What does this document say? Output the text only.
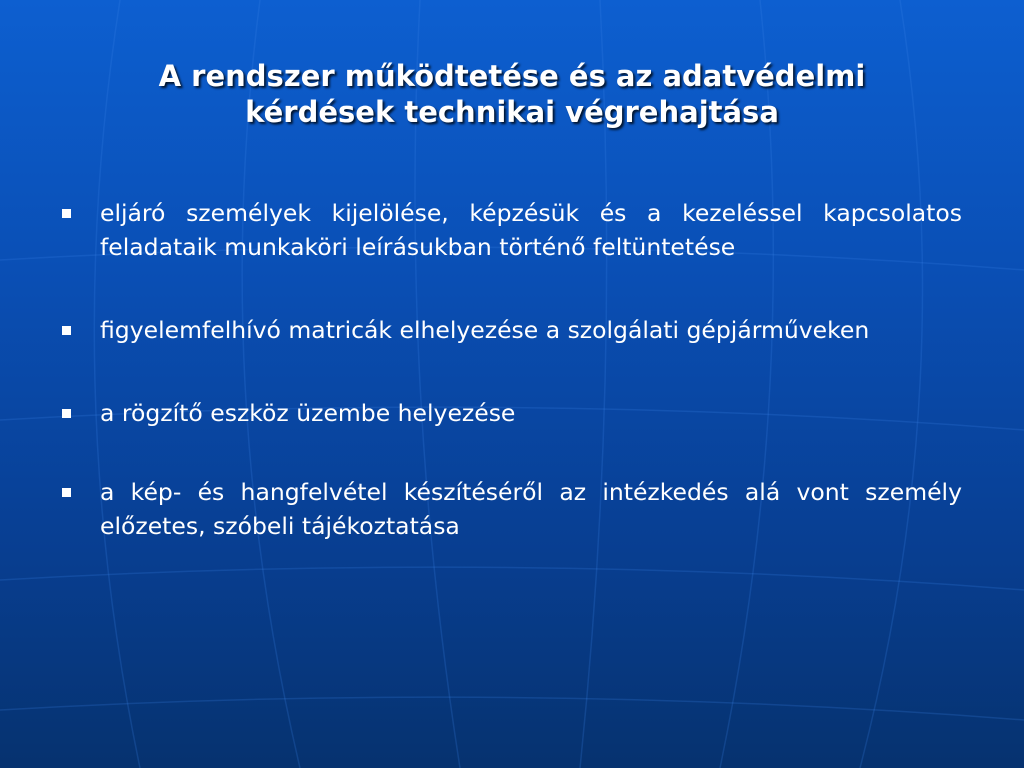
A rendszer működtetése és az adatvédelmi
kérdések technikai végrehajtása
eljáró személyek kijelölése, képzésük és a kezeléssel kapcsolatos feladataik munkaköri leírásukban történő feltüntetése
figyelemfelhívó matricák elhelyezése a szolgálati gépjárműveken
a rögzítő eszköz üzembe helyezése
a kép- és hangfelvétel készítéséről az intézkedés alá vont személy előzetes, szóbeli tájékoztatása
